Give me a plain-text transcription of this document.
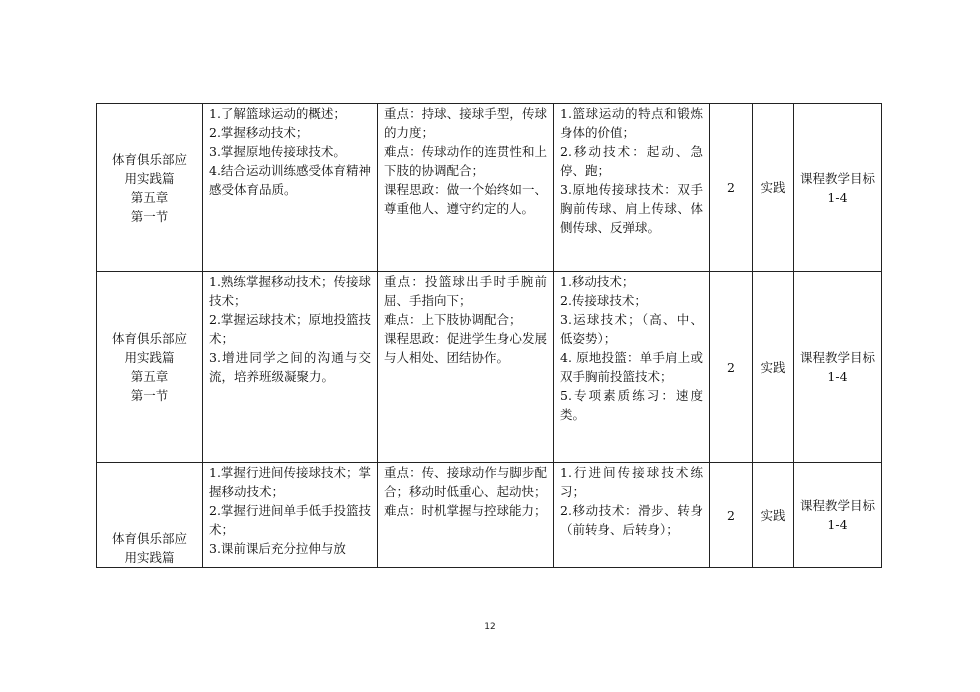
体育俱乐部应
用实践篇
第五章
第一节	1.了解篮球运动的概述；
2.掌握移动技术；
3.掌握原地传接球技术。
4.结合运动训练感受体育精神感受体育品质。	重点：持球、接球手型，传球的力度；
难点：传球动作的连贯性和上下肢的协调配合；
课程思政：做一个始终如一、尊重他人、遵守约定的人。	1.篮球运动的特点和锻炼身体的价值；
2.移动技术：起动、急停、跑；
3.原地传接球技术：双手胸前传球、肩上传球、体侧传球、反弹球。	2	实践	课程教学目标 1-4
体育俱乐部应
用实践篇
第五章
第一节	1.熟练掌握移动技术；传接球技术；
2.掌握运球技术；原地投篮技术；
3.增进同学之间的沟通与交流，培养班级凝聚力。	重点：投篮球出手时手腕前屈、手指向下；
难点：上下肢协调配合；
课程思政：促进学生身心发展与人相处、团结协作。	1.移动技术；
2.传接球技术；
3.运球技术；（高、中、低姿势）；
4. 原地投篮：单手肩上或双手胸前投篮技术；
5.专项素质练习：速度类。	2	实践	课程教学目标 1-4
体育俱乐部应
用实践篇	1.掌握行进间传接球技术；掌握移动技术；
2.掌握行进间单手低手投篮技术；
3.课前课后充分拉伸与放	重点：传、接球动作与脚步配合；移动时低重心、起动快；
难点：时机掌握与控球能力；	1.行进间传接球技术练习；
2.移动技术：滑步、转身（前转身、后转身）；	2	实践	课程教学目标 1-4
12
